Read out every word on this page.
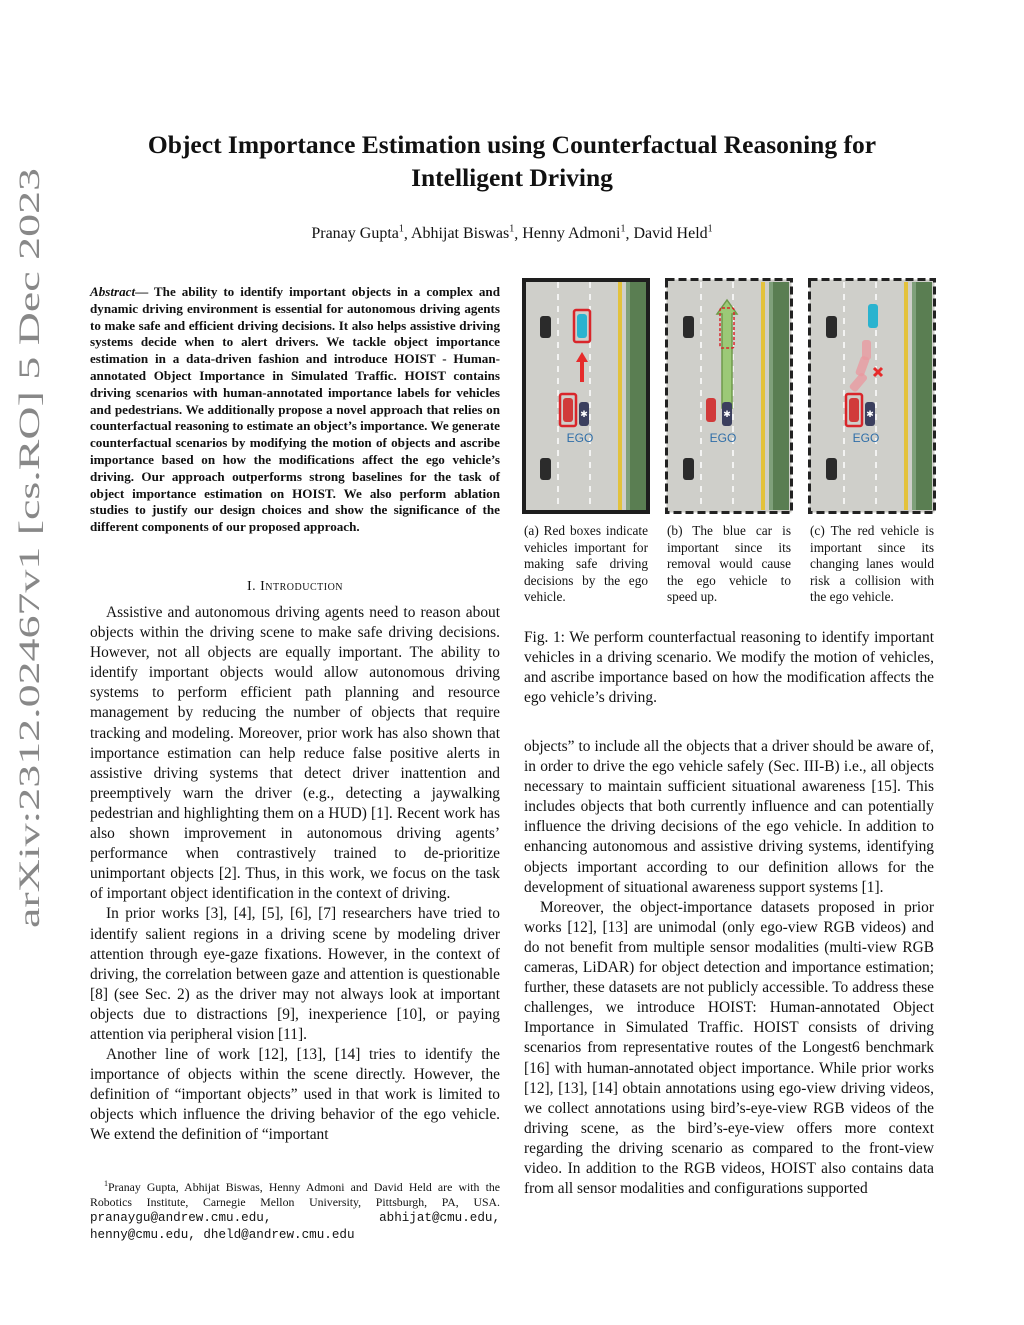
arXiv:2312.02467v1 [cs.RO] 5 Dec 2023
Object Importance Estimation using Counterfactual Reasoning for Intelligent Driving
Pranay Gupta$^1$, Abhijat Biswas$^1$, Henny Admoni$^1$, David Held$^1$
Abstract— The ability to identify important objects in a complex and dynamic driving environment is essential for autonomous driving agents to make safe and efficient driving decisions. It also helps assistive driving systems decide when to alert drivers. We tackle object importance estimation in a data-driven fashion and introduce HOIST - Human-annotated Object Importance in Simulated Traffic. HOIST contains driving scenarios with human-annotated importance labels for vehicles and pedestrians. We additionally propose a novel approach that relies on counterfactual reasoning to estimate an object’s importance. We generate counterfactual scenarios by modifying the motion of objects and ascribe importance based on how the modifications affect the ego vehicle’s driving. Our approach outperforms strong baselines for the task of object importance estimation on HOIST. We also perform ablation studies to justify our design choices and show the significance of the different components of our proposed approach.
I. Introduction

Assistive and autonomous driving agents need to reason about objects within the driving scene to make safe driving decisions. However, not all objects are equally important. The ability to identify important objects would allow autonomous driving systems to perform efficient path planning and resource management by reducing the number of objects that require tracking and modeling. Moreover, prior work has also shown that importance estimation can help reduce false positive alerts in assistive driving systems that detect driver inattention and preemptively warn the driver (e.g., detecting a jaywalking pedestrian and highlighting them on a HUD) [1]. Recent work has also shown improvement in autonomous driving agents’ performance when contrastively trained to de-prioritize unimportant objects [2]. Thus, in this work, we focus on the task of important object identification in the context of driving.

In prior works [3], [4], [5], [6], [7] researchers have tried to identify salient regions in a driving scene by modeling driver attention through eye-gaze fixations. However, in the context of driving, the correlation between gaze and attention is questionable [8] (see Sec. 2) as the driver may not always look at important objects due to distractions [9], inexperience [10], or paying attention via peripheral vision [11].

Another line of work [12], [13], [14] tries to identify the importance of objects within the scene directly. However, the definition of “important objects” used in that work is limited to objects which influence the driving behavior of the ego vehicle. We extend the definition of “important

$^1$Pranay Gupta, Abhijat Biswas, Henny Admoni and David Held are with the Robotics Institute, Carnegie Mellon University, Pittsburgh, PA, USA. pranaygu@andrew.cmu.edu, abhijat@cmu.edu, henny@cmu.edu, dheld@andrew.cmu.edu
✱
EGO
✱
EGO
✱
EGO
(a) Red boxes indicate vehicles important for making safe driving decisions by the ego vehicle.
(b) The blue car is important since its removal would cause the ego vehicle to speed up.
(c) The red vehicle is important since its changing lanes would risk a collision with the ego vehicle.
Fig. 1: We perform counterfactual reasoning to identify important vehicles in a driving scenario. We modify the motion of vehicles, and ascribe importance based on how the modification affects the ego vehicle’s driving.

objects” to include all the objects that a driver should be aware of, in order to drive the ego vehicle safely (Sec. III-B) i.e., all objects necessary to maintain sufficient situational awareness [15]. This includes objects that both currently influence and can potentially influence the driving decisions of the ego vehicle. In addition to enhancing autonomous and assistive driving systems, identifying objects important according to our definition allows for the development of situational awareness support systems [1].

Moreover, the object-importance datasets proposed in prior works [12], [13] are unimodal (only ego-view RGB videos) and do not benefit from multiple sensor modalities (multi-view RGB cameras, LiDAR) for object detection and importance estimation; further, these datasets are not publicly accessible. To address these challenges, we introduce HOIST: Human-annotated Object Importance in Simulated Traffic. HOIST consists of driving scenarios from representative routes of the Longest6 benchmark [16] with human-annotated object importance. While prior works [12], [13], [14] obtain annotations using ego-view driving videos, we collect annotations using bird’s-eye-view RGB videos of the driving scene, as the bird’s-eye-view offers more context regarding the driving scenario as compared to the front-view video. In addition to the RGB videos, HOIST also contains data from all sensor modalities and configurations supported
